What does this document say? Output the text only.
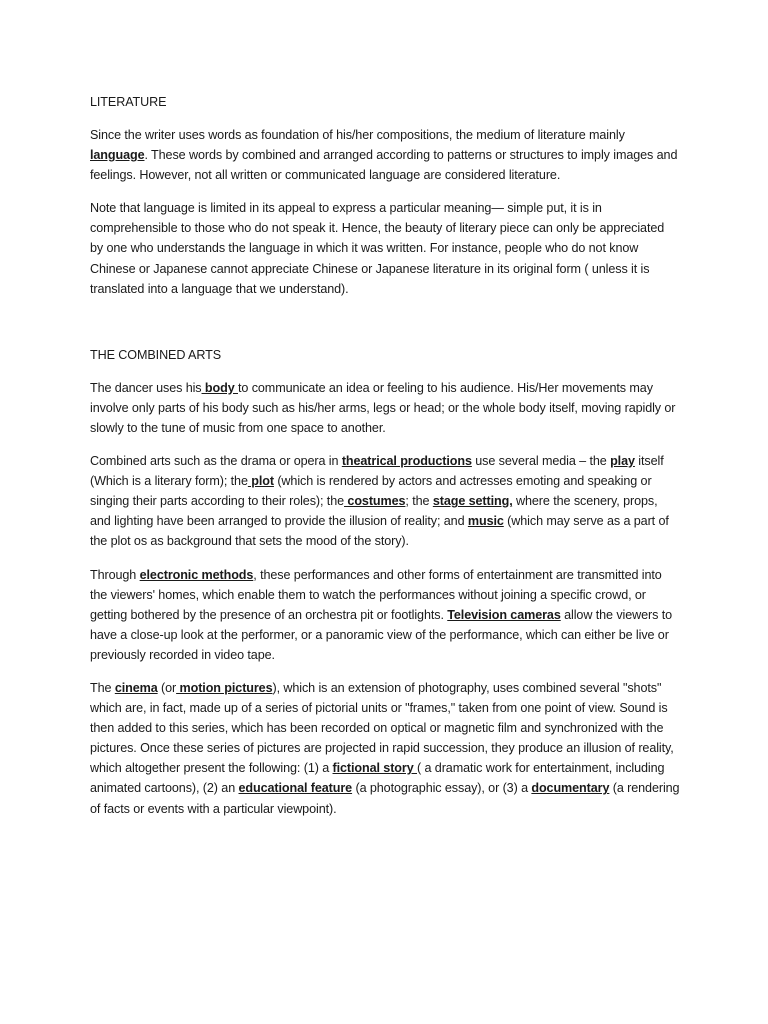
LITERATURE

Since the writer uses words as foundation of his/her compositions, the medium of literature mainly language. These words by combined and arranged according to patterns or structures to imply images and feelings. However, not all written or communicated language are considered literature.

Note that language is limited in its appeal to express a particular meaning— simple put, it is in comprehensible to those who do not speak it. Hence, the beauty of literary piece can only be appreciated by one who understands the language in which it was written. For instance, people who do not know Chinese or Japanese cannot appreciate Chinese or Japanese literature in its original form ( unless it is translated into a language that we understand).

THE COMBINED ARTS

The dancer uses his body to communicate an idea or feeling to his audience. His/Her movements may involve only parts of his body such as his/her arms, legs or head; or the whole body itself, moving rapidly or slowly to the tune of music from one space to another.

Combined arts such as the drama or opera in theatrical productions use several media – the play itself (Which is a literary form); the plot (which is rendered by actors and actresses emoting and speaking or singing their parts according to their roles); the costumes; the stage setting, where the scenery, props, and lighting have been arranged to provide the illusion of reality; and music (which may serve as a part of the plot os as background that sets the mood of the story).

Through electronic methods, these performances and other forms of entertainment are transmitted into the viewers' homes, which enable them to watch the performances without joining a specific crowd, or getting bothered by the presence of an orchestra pit or footlights. Television cameras allow the viewers to have a close-up look at the performer, or a panoramic view of the performance, which can either be live or previously recorded in video tape.

The cinema (or motion pictures), which is an extension of photography, uses combined several "shots" which are, in fact, made up of a series of pictorial units or "frames," taken from one point of view. Sound is then added to this series, which has been recorded on optical or magnetic film and synchronized with the pictures. Once these series of pictures are projected in rapid succession, they produce an illusion of reality, which altogether present the following: (1) a fictional story ( a dramatic work for entertainment, including animated cartoons), (2) an educational feature (a photographic essay), or (3) a documentary (a rendering of facts or events with a particular viewpoint).
